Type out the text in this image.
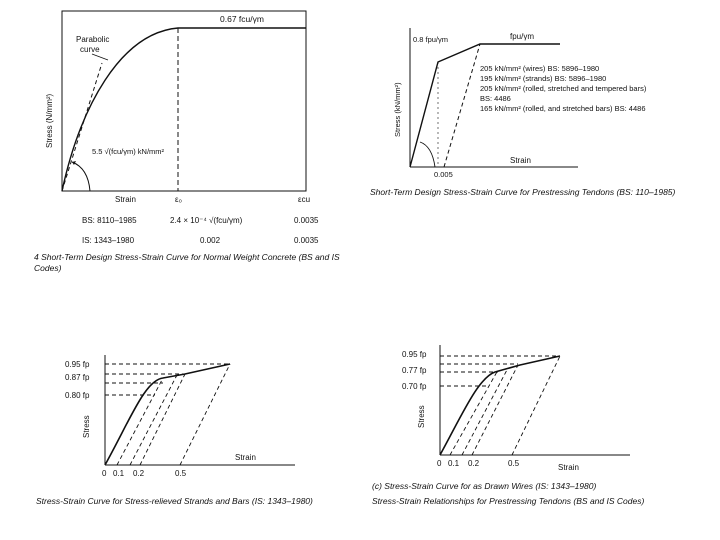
0.67 fcu/γm
Parabolic
curve
Stress (N/mm²)
Strain	ε₀	εcu
5.5 √(fcu/γm) kN/mm²
BS: 8110–1985	2.4 × 10⁻⁴ √(fcu/γm)	0.0035
IS: 1343–1980	0.002	0.0035
4 Short-Term Design Stress-Strain Curve for Normal Weight Concrete (BS and IS Codes)
fpu/γm
0.8 fpu/γm
Stress (kN/mm²)
Strain
0.005
205 kN/mm² (wires) BS: 5896–1980
195 kN/mm² (strands) BS: 5896–1980
205 kN/mm² (rolled, stretched and tempered bars) BS: 4486
165 kN/mm² (rolled, and stretched bars) BS: 4486
Short-Term Design Stress-Strain Curve for Prestressing Tendons (BS: 110–1985)
0.95 fp
0.87 fp
0.80 fp
Stress
Strain
0 0.1 0.2	0.5
Stress-Strain Curve for Stress-relieved Strands and Bars (IS: 1343–1980)
0.95 fp
0.77 fp
0.70 fp
Stress
Strain
0 0.1 0.2	0.5
(c) Stress-Strain Curve for as Drawn Wires (IS: 1343–1980)
Stress-Strain Relationships for Prestressing Tendons (BS and IS Codes)
